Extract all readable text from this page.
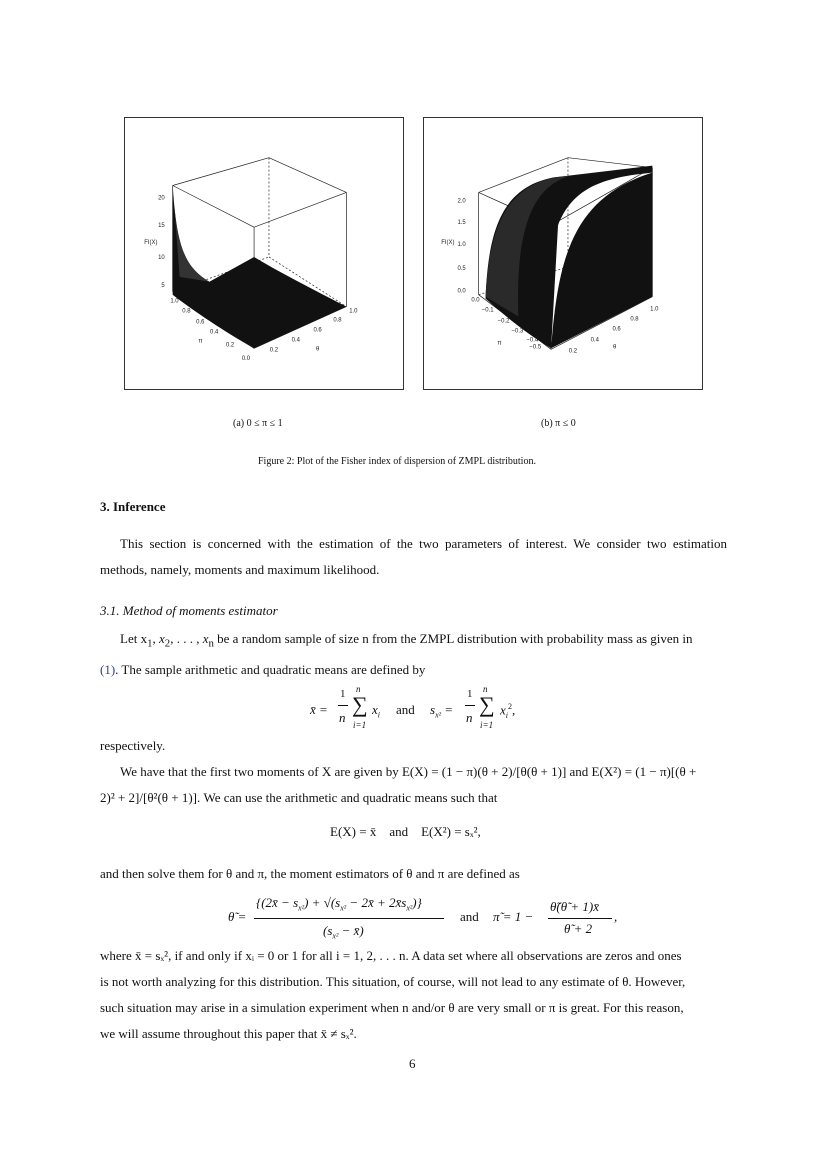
20
15
10
5
0.2
0.4
0.6
0.8
1.0
1.0
0.8
0.6
0.4
0.2
0.0
FI(X)
θ
π
2.0
1.5
1.0
0.5
0.0
0.2
0.4
0.6
0.8
1.0
0.0
−0.1
−0.2
−0.3
−0.4
−0.5
FI(X)
θ
π
(a) 0 ≤ π ≤ 1	(b) π ≤ 0
Figure 2: Plot of the Fisher index of dispersion of ZMPL distribution.
3. Inference
This section is concerned with the estimation of the two parameters of interest. We consider two estimation methods, namely, moments and maximum likelihood.
3.1. Method of moments estimator
Let $x_1$, $x_2$, . . . , $x_n$ be a random sample of size n from the ZMPL distribution with probability mass as given in
(1). The sample arithmetic and quadratic means are defined by
x̄ =
1
n
n
∑
i=1
$x_i$ and $s_{x^2}$ =
1
n
n
∑
i=1
$x_i^2$,
respectively.
We have that the first two moments of X are given by E(X) = (1 − π)(θ + 2)/[θ(θ + 1)] and E(X²) = (1 − π)[(θ +
2)² + 2]/[θ²(θ + 1)]. We can use the arithmetic and quadratic means such that
E(X) = x̄    and    E(X²) = sₓ²,
and then solve them for θ and π, the moment estimators of θ and π are defined as
θ̃ =
{(2x̄ − $s_{x^2}) + √(s_{x^2}$ − 2x̄ + $2x̄s_{x^2}$)}
($s_{x^2}$ − x̄)
and π̃ = 1 −
θ̃(θ̃ + 1)x̄
θ̃ + 2
,
where x̄ = sₓ², if and only if xᵢ = 0 or 1 for all i = 1, 2, . . . n. A data set where all observations are zeros and ones
is not worth analyzing for this distribution. This situation, of course, will not lead to any estimate of θ. However,
such situation may arise in a simulation experiment when n and/or θ are very small or π is great. For this reason,
we will assume throughout this paper that x̄ ≠ sₓ².
6
